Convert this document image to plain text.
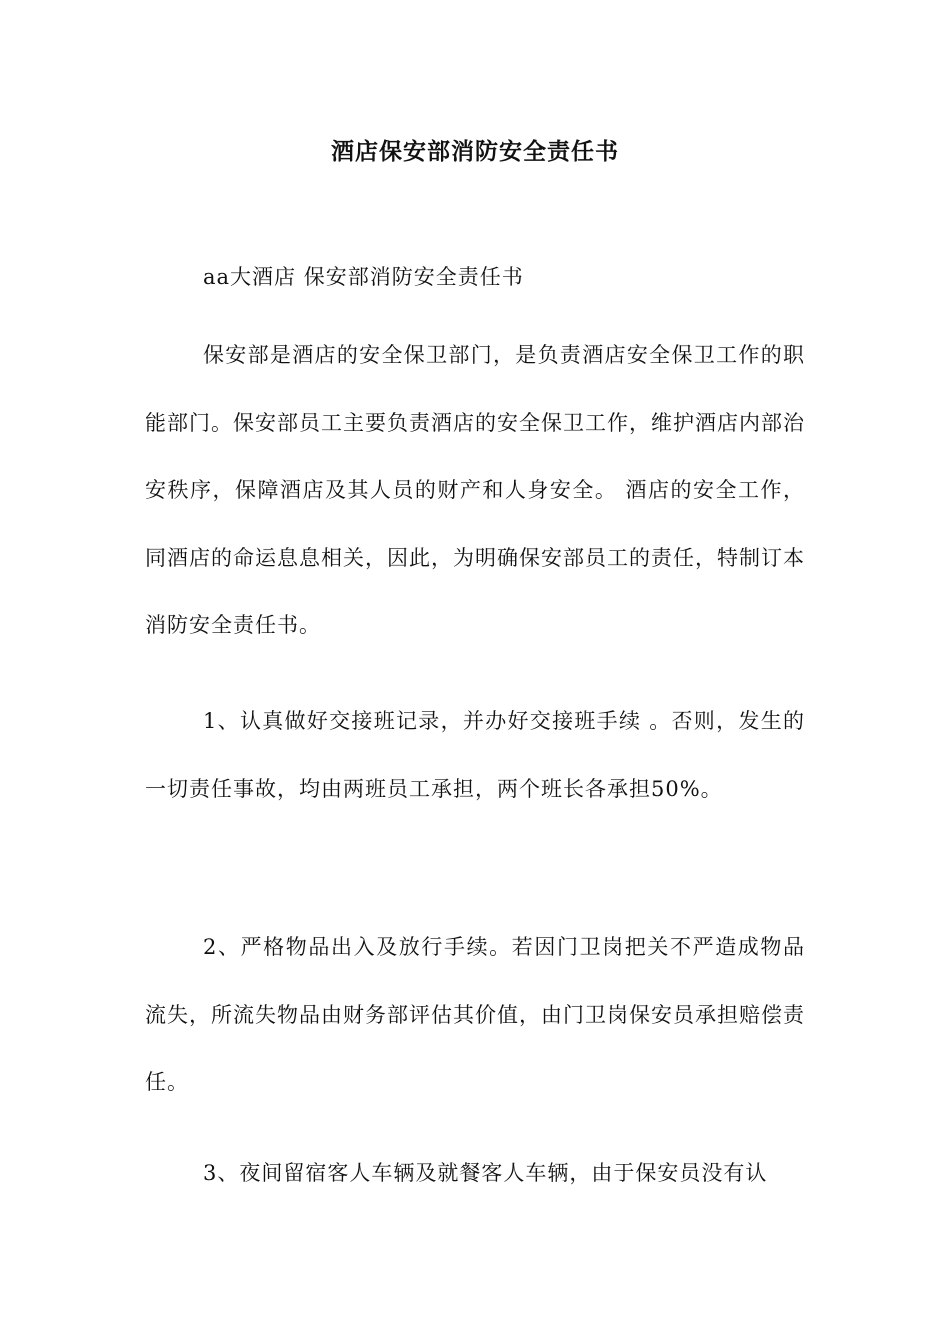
酒店保安部消防安全责任书
aa大酒店 保安部消防安全责任书
保安部是酒店的安全保卫部门，是负责酒店安全保卫工作的职能部门。保安部员工主要负责酒店的安全保卫工作，维护酒店内部治安秩序，保障酒店及其人员的财产和人身安全。 酒店的安全工作，同酒店的命运息息相关，因此，为明确保安部员工的责任，特制订本消防安全责任书。
1、认真做好交接班记录，并办好交接班手续 。否则，发生的一切责任事故，均由两班员工承担，两个班长各承担50%。
2、严格物品出入及放行手续。若因门卫岗把关不严造成物品流失，所流失物品由财务部评估其价值，由门卫岗保安员承担赔偿责任。
3、夜间留宿客人车辆及就餐客人车辆，由于保安员没有认
